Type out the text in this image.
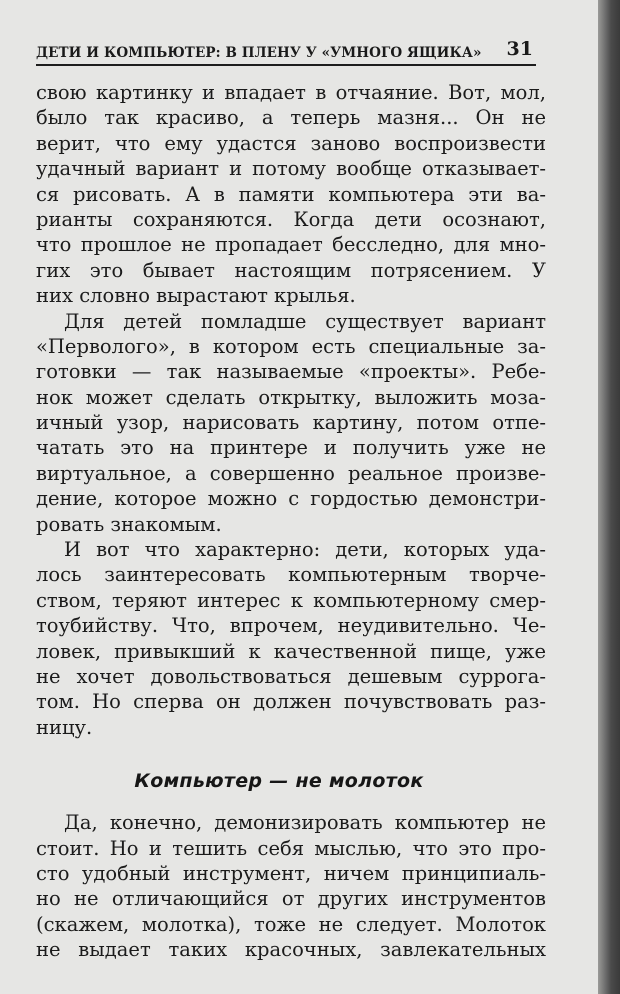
ДЕТИ И КОМПЬЮТЕР: В ПЛЕНУ У «УМНОГО ЯЩИКА» 31
свою картинку и впадает в отчаяние. Вот, мол,
было так красиво, а теперь мазня... Он не
верит, что ему удастся заново воспроизвести
удачный вариант и потому вообще отказывает-
ся рисовать. А в памяти компьютера эти ва-
рианты сохраняются. Когда дети осознают,
что прошлое не пропадает бесследно, для мно-
гих это бывает настоящим потрясением. У
них словно вырастают крылья.
Для детей помладше существует вариант
«Перволого», в котором есть специальные за-
готовки — так называемые «проекты». Ребе-
нок может сделать открытку, выложить моза-
ичный узор, нарисовать картину, потом отпе-
чатать это на принтере и получить уже не
виртуальное, а совершенно реальное произве-
дение, которое можно с гордостью демонстри-
ровать знакомым.
И вот что характерно: дети, которых уда-
лось заинтересовать компьютерным творче-
ством, теряют интерес к компьютерному смер-
тоубийству. Что, впрочем, неудивительно. Че-
ловек, привыкший к качественной пище, уже
не хочет довольствоваться дешевым суррога-
том. Но сперва он должен почувствовать раз-
ницу.
Компьютер — не молоток
Да, конечно, демонизировать компьютер не
стоит. Но и тешить себя мыслью, что это про-
сто удобный инструмент, ничем принципиаль-
но не отличающийся от других инструментов
(скажем, молотка), тоже не следует. Молоток
не выдает таких красочных, завлекательных
